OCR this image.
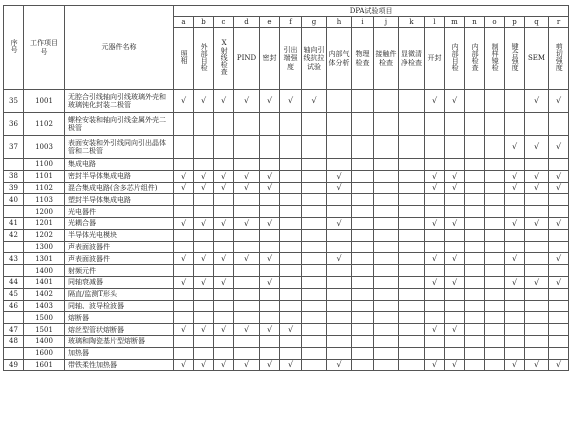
序号	工作项目号	元器件名称	DPA试验项目																	
			a	b	c	d	e	f	g	h	i	j	k	l	m	n	o	p	q	r
			照相	外部目检	X射线检查	PIND	密封	引出端强度	轴向引线抗拉试验	内部气体分析	物理检查	接触件检查	显微清净检查	开封	内部目检	内部检查	制样镜检	键合强度	SEM	剪切强度
35	1001	无腔合引线轴向引线玻璃外壳和玻璃钝化封装二极管	√	√	√	√	√	√	√					√	√				√	√
36	1102	螺栓安装和轴向引线金属外壳二极管																		
37	1003	表面安装和外引线同向引出晶体管和二极管																√	√	√
	1100	集成电路																		
38	1101	密封半导体集成电路	√	√	√	√	√			√				√	√			√	√	√
39	1102	混合集成电路(含多芯片组件)	√	√	√	√	√			√				√	√			√	√	√
40	1103	塑封半导体集成电路																		
	1200	光电器件																		
41	1201	光耦合器	√	√	√	√	√			√				√	√			√	√	√
42	1202	半导体光电模块																		
	1300	声表面波器件																		
43	1301	声表面波器件	√	√	√	√	√			√				√	√			√		√
	1400	射频元件																		
44	1401	同轴衰减器	√	√	√		√							√	√			√	√	√
45	1402	隔直/监测T形头																		
46	1403	同轴、波导检波器																		
	1500	熔断器																		
47	1501	熔丝型管状熔断器	√	√	√	√	√	√						√	√					
48	1400	玻璃和陶瓷基片型熔断器																		
	1600	加热器																		
49	1601	带铁柔性加热器	√	√	√	√	√	√		√				√	√			√	√	√
